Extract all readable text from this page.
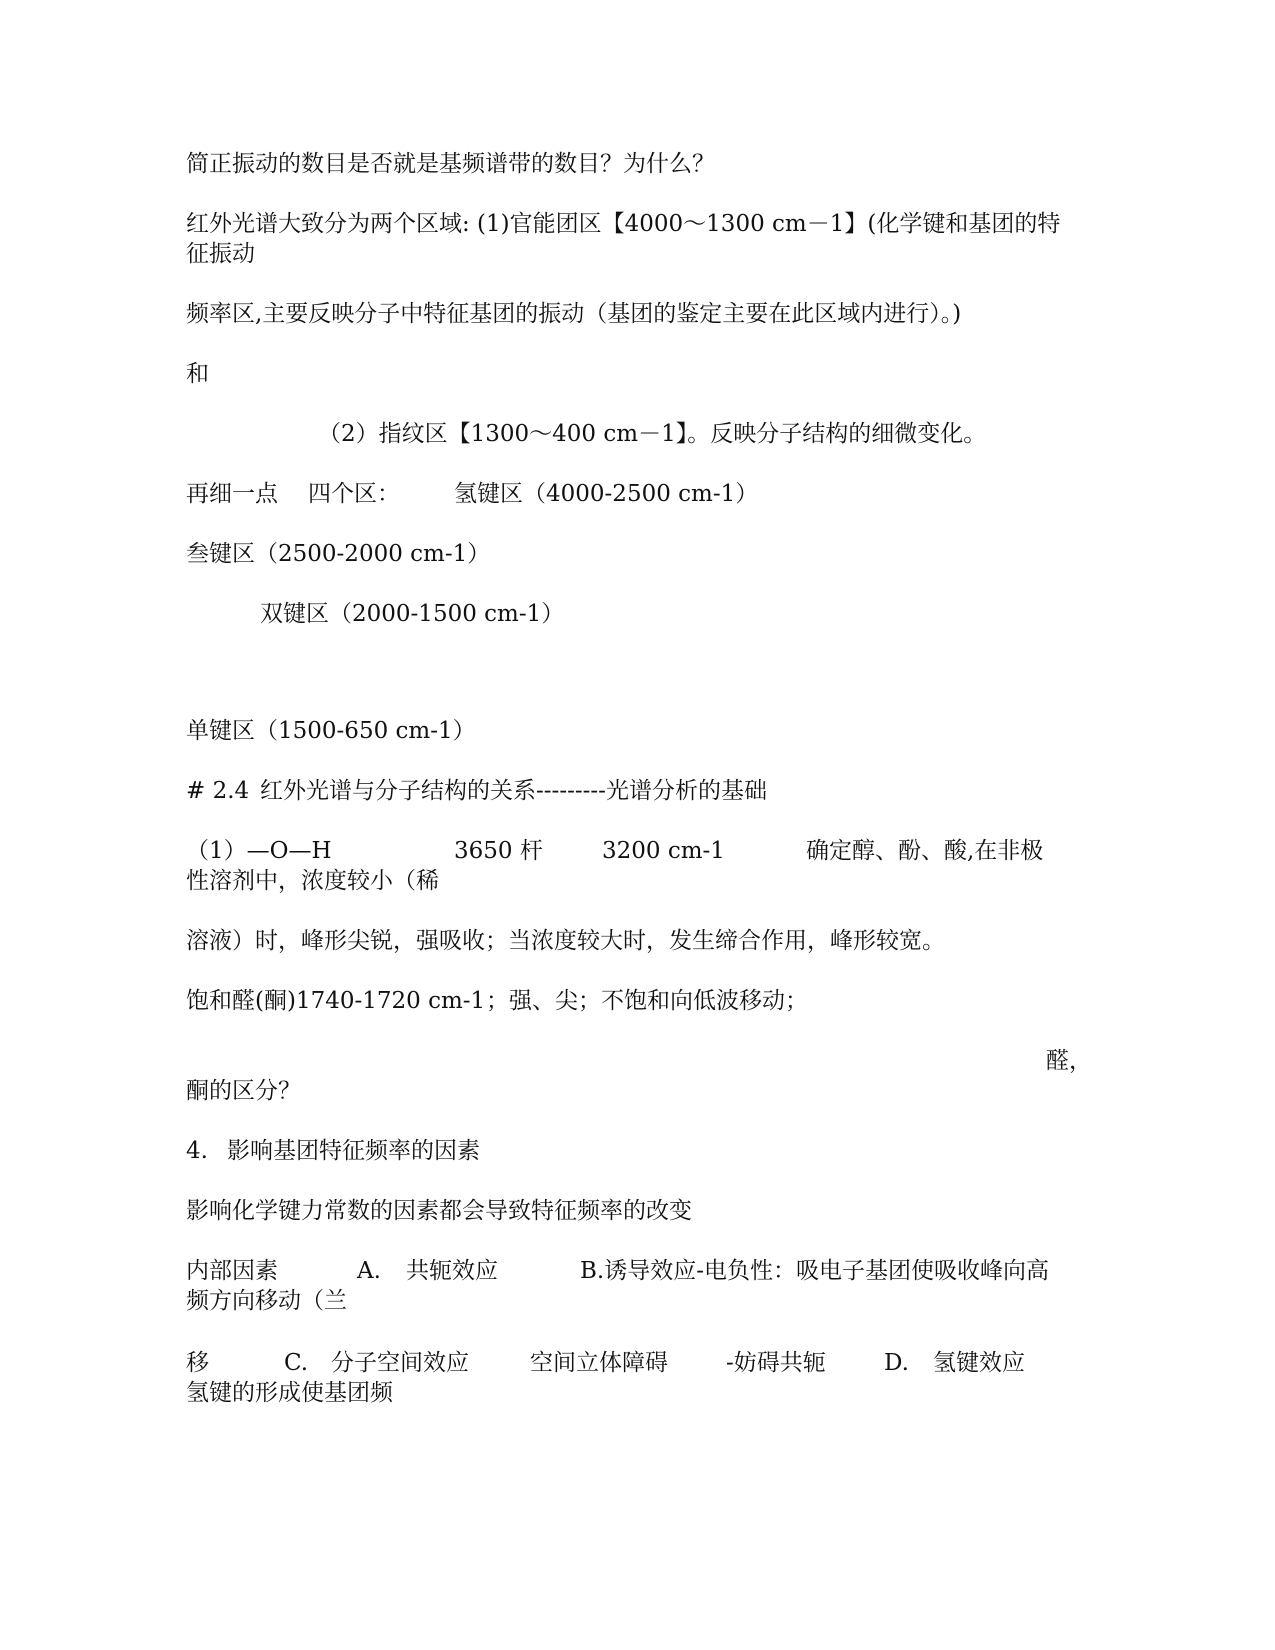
简正振动的数目是否就是基频谱带的数目？为什么？
红外光谱大致分为两个区域: (1)官能团区【4000～1300 cm－1】(化学键和基团的特
征振动
频率区,主要反映分子中特征基团的振动（基团的鉴定主要在此区域内进行）。)
和
（2）指纹区【1300～400 cm－1】。反映分子结构的细微变化。
再细一点 四个区： 氢键区（4000-2500 cm-1）
叁键区（2500-2000 cm-1）
双键区（2000-1500 cm-1）
单键区（1500-650 cm-1）
# 2.4 红外光谱与分子结构的关系---------光谱分析的基础
（1）—O—H	3650 杆	3200 cm-1	确定醇、酚、酸,在非极
性溶剂中，浓度较小（稀
溶液）时，峰形尖锐，强吸收；当浓度较大时，发生缔合作用，峰形较宽。
饱和醛(酮)1740-1720 cm-1 ；强、尖；不饱和向低波移动；
醛，
酮的区分？
4. 影响基团特征频率的因素
影响化学键力常数的因素都会导致特征频率的改变
内部因素	A. 共轭效应	B.诱导效应-电负性：吸电子基团使吸收峰向高
频方向移动（兰
移	C. 分子空间效应	空间立体障碍	-妨碍共轭	D. 氢键效应
氢键的形成使基团频
